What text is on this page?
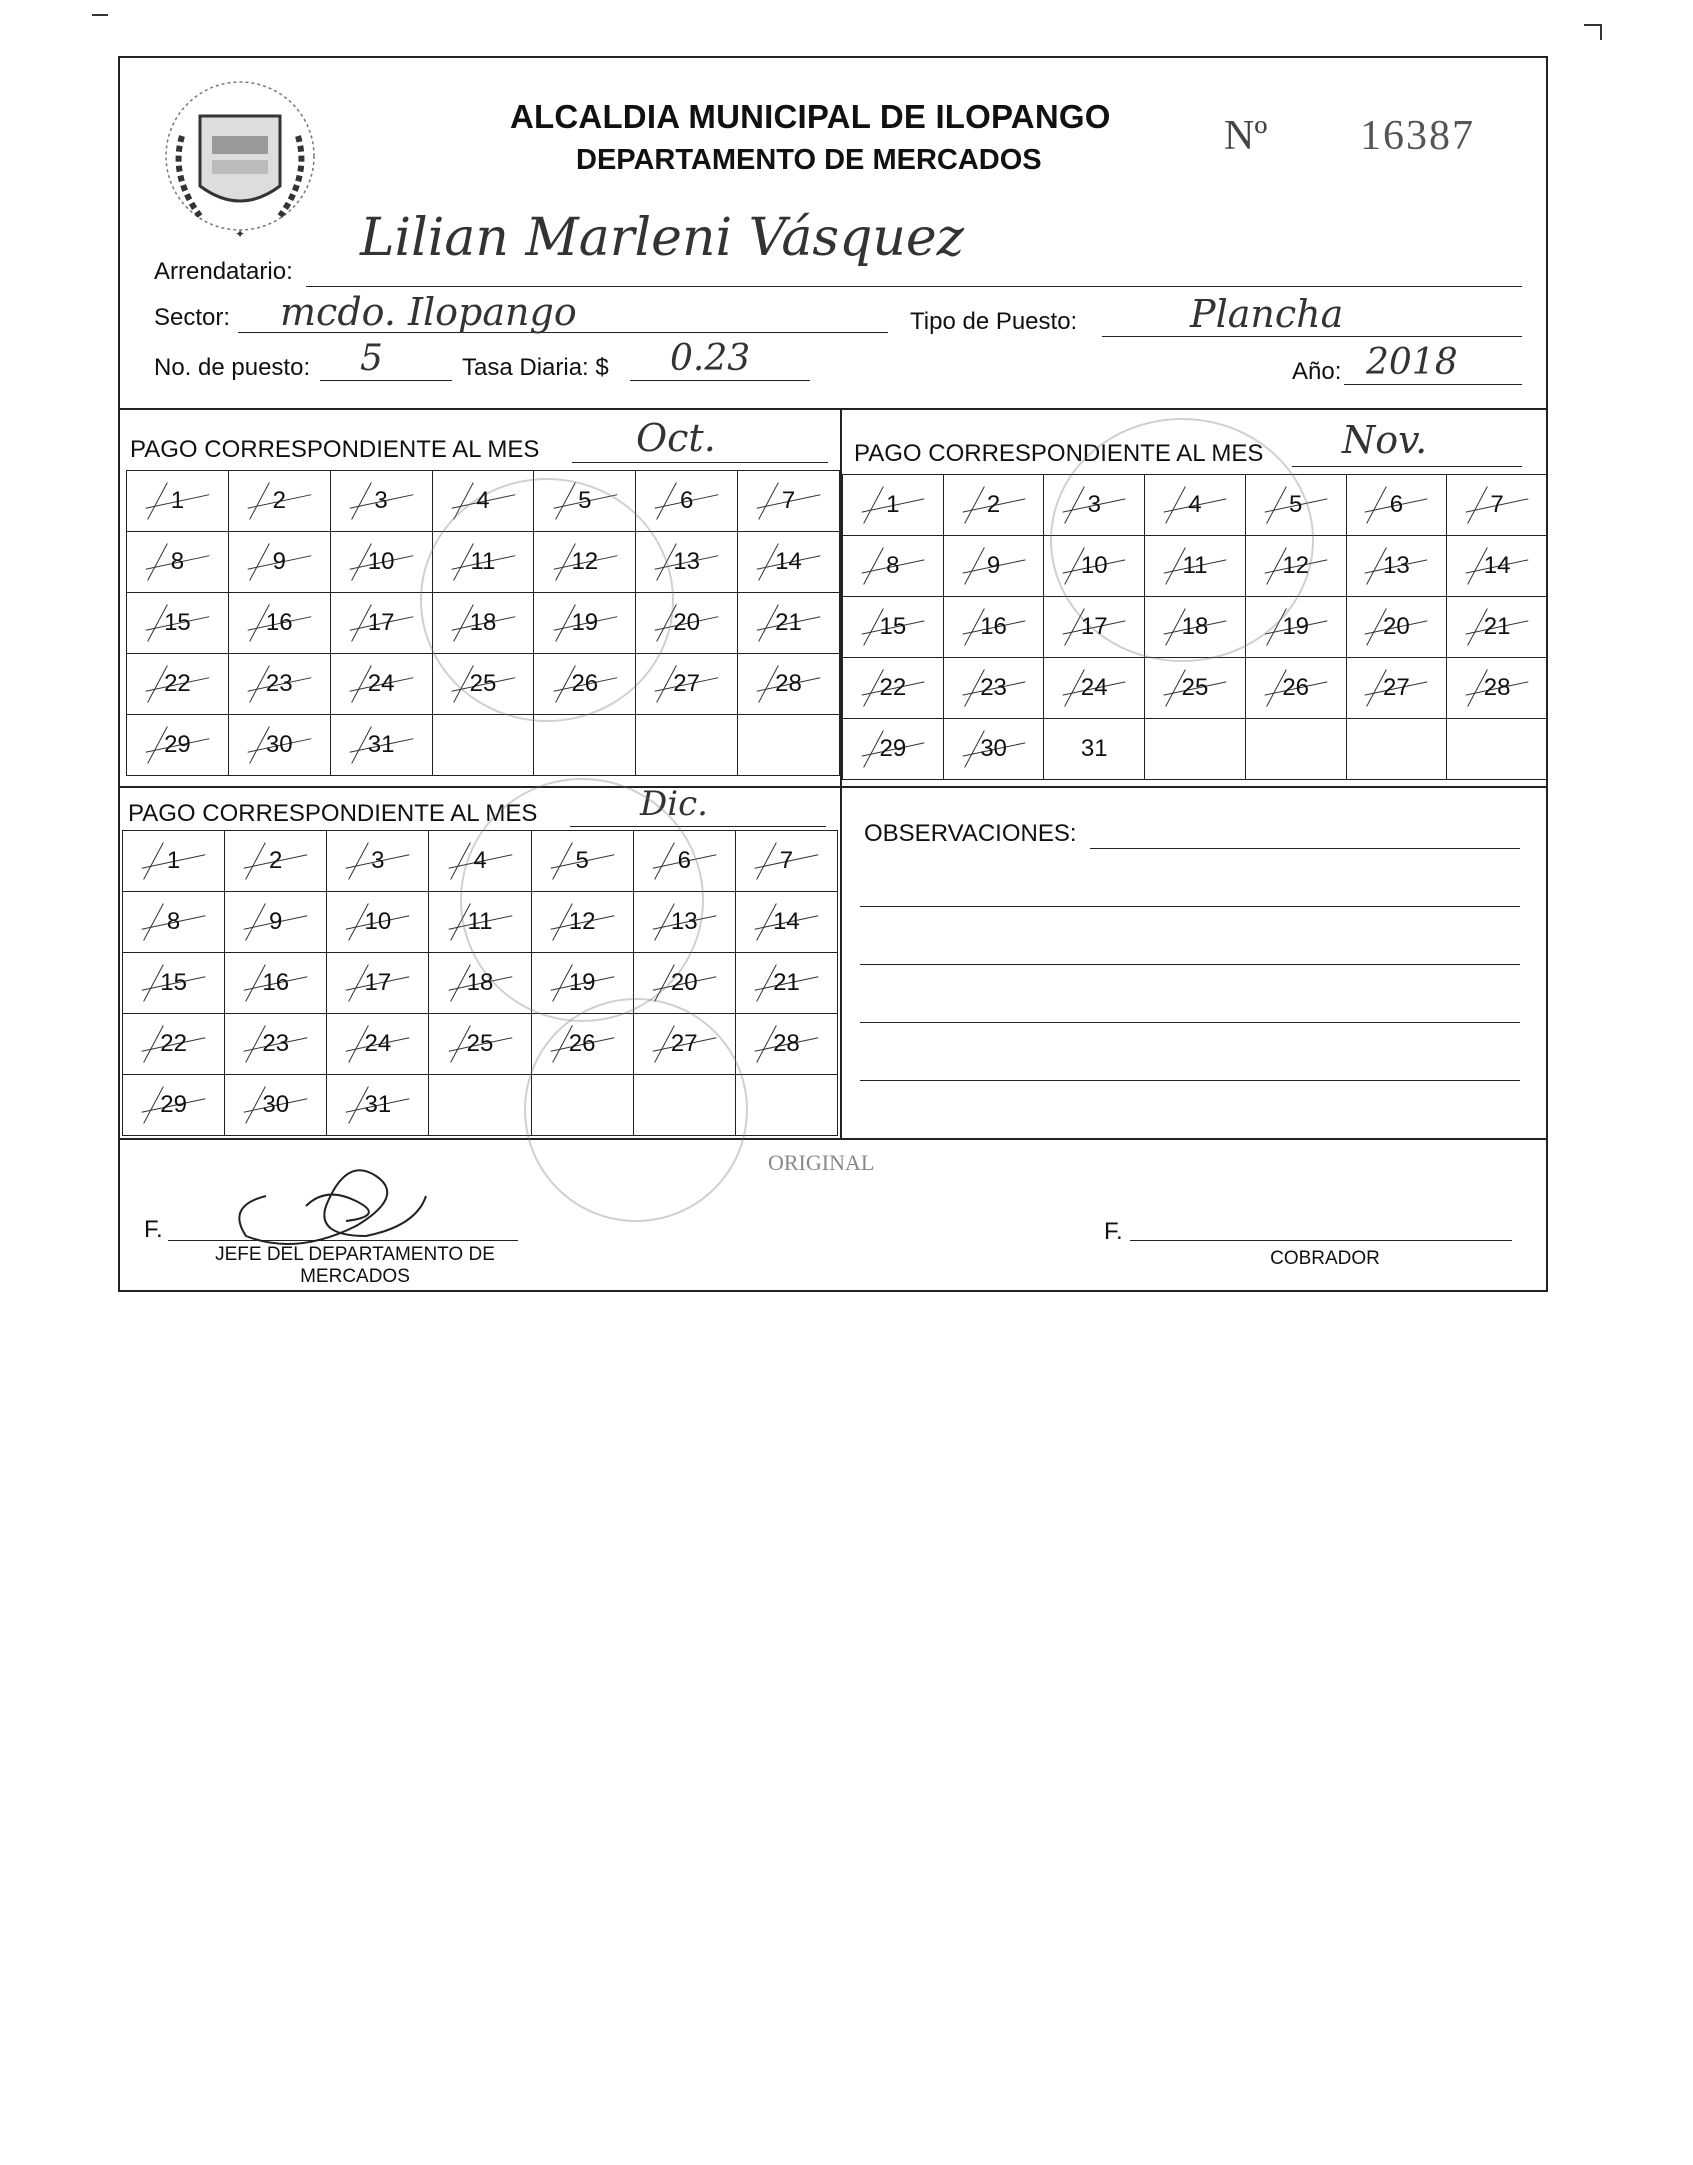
✦
ALCALDIA MUNICIPAL DE ILOPANGO
DEPARTAMENTO DE MERCADOS
Nº 16387
Arrendatario:
Lilian Marleni Vásquez
Sector: mcdo. Ilopango	Tipo de Puesto:	Plancha
No. de puesto: 5	Tasa Diaria: $ 0.23	Año: 2018
PAGO CORRESPONDIENTE AL MES	Oct.
1	2	3	4	5	6	7
8	9	10	11	12	13	14
15	16	17	18	19	20	21
22	23	24	25	26	27	28
29	30	31				
PAGO CORRESPONDIENTE AL MES Nov.
1	2	3	4	5	6	7
8	9	10	11	12	13	14
15	16	17	18	19	20	21
22	23	24	25	26	27	28
29	30	31				
PAGO CORRESPONDIENTE AL MES	Dic.
1	2	3	4	5	6	7
8	9	10	11	12	13	14
15	16	17	18	19	20	21
22	23	24	25	26	27	28
29	30	31				
OBSERVACIONES:
ORIGINAL
F.
JEFE DEL DEPARTAMENTO DE MERCADOS
F.
COBRADOR
